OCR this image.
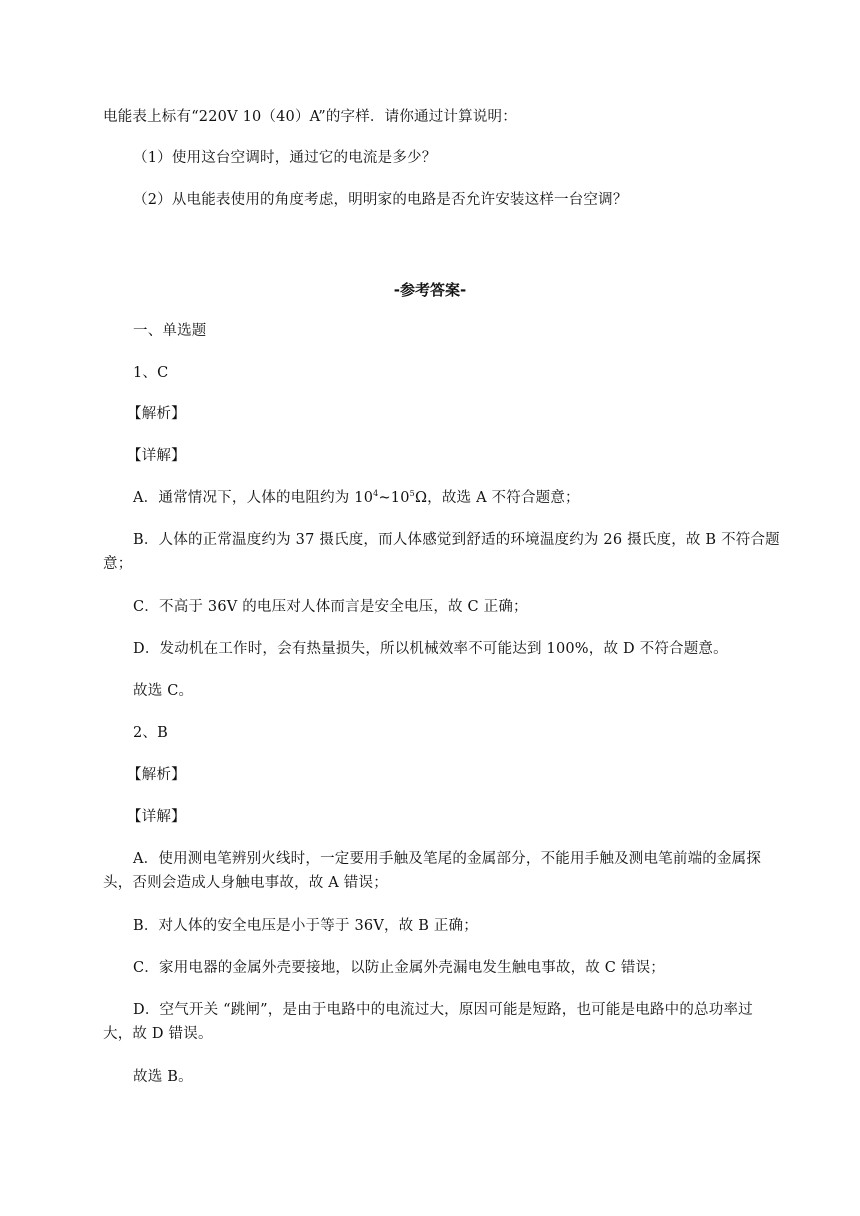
电能表上标有“220V 10（40）A”的字样．请你通过计算说明：
（1）使用这台空调时，通过它的电流是多少？
（2）从电能表使用的角度考虑，明明家的电路是否允许安装这样一台空调？
-参考答案-
一、单选题
1、C
【解析】
【详解】
A．通常情况下，人体的电阻约为 $10^4\sim 10^5\Omega$，故选 A 不符合题意；
B．人体的正常温度约为 37 摄氏度，而人体感觉到舒适的环境温度约为 26 摄氏度，故 B 不符合题
意；
C．不高于 36V 的电压对人体而言是安全电压，故 C 正确；
D．发动机在工作时，会有热量损失，所以机械效率不可能达到 100%，故 D 不符合题意。
故选 C。
2、B
【解析】
【详解】
A．使用测电笔辨别火线时，一定要用手触及笔尾的金属部分，不能用手触及测电笔前端的金属探
头，否则会造成人身触电事故，故 A 错误；
B．对人体的安全电压是小于等于 36V，故 B 正确；
C．家用电器的金属外壳要接地，以防止金属外壳漏电发生触电事故，故 C 错误；
D．空气开关 “跳闸”，是由于电路中的电流过大，原因可能是短路，也可能是电路中的总功率过
大，故 D 错误。
故选 B。
